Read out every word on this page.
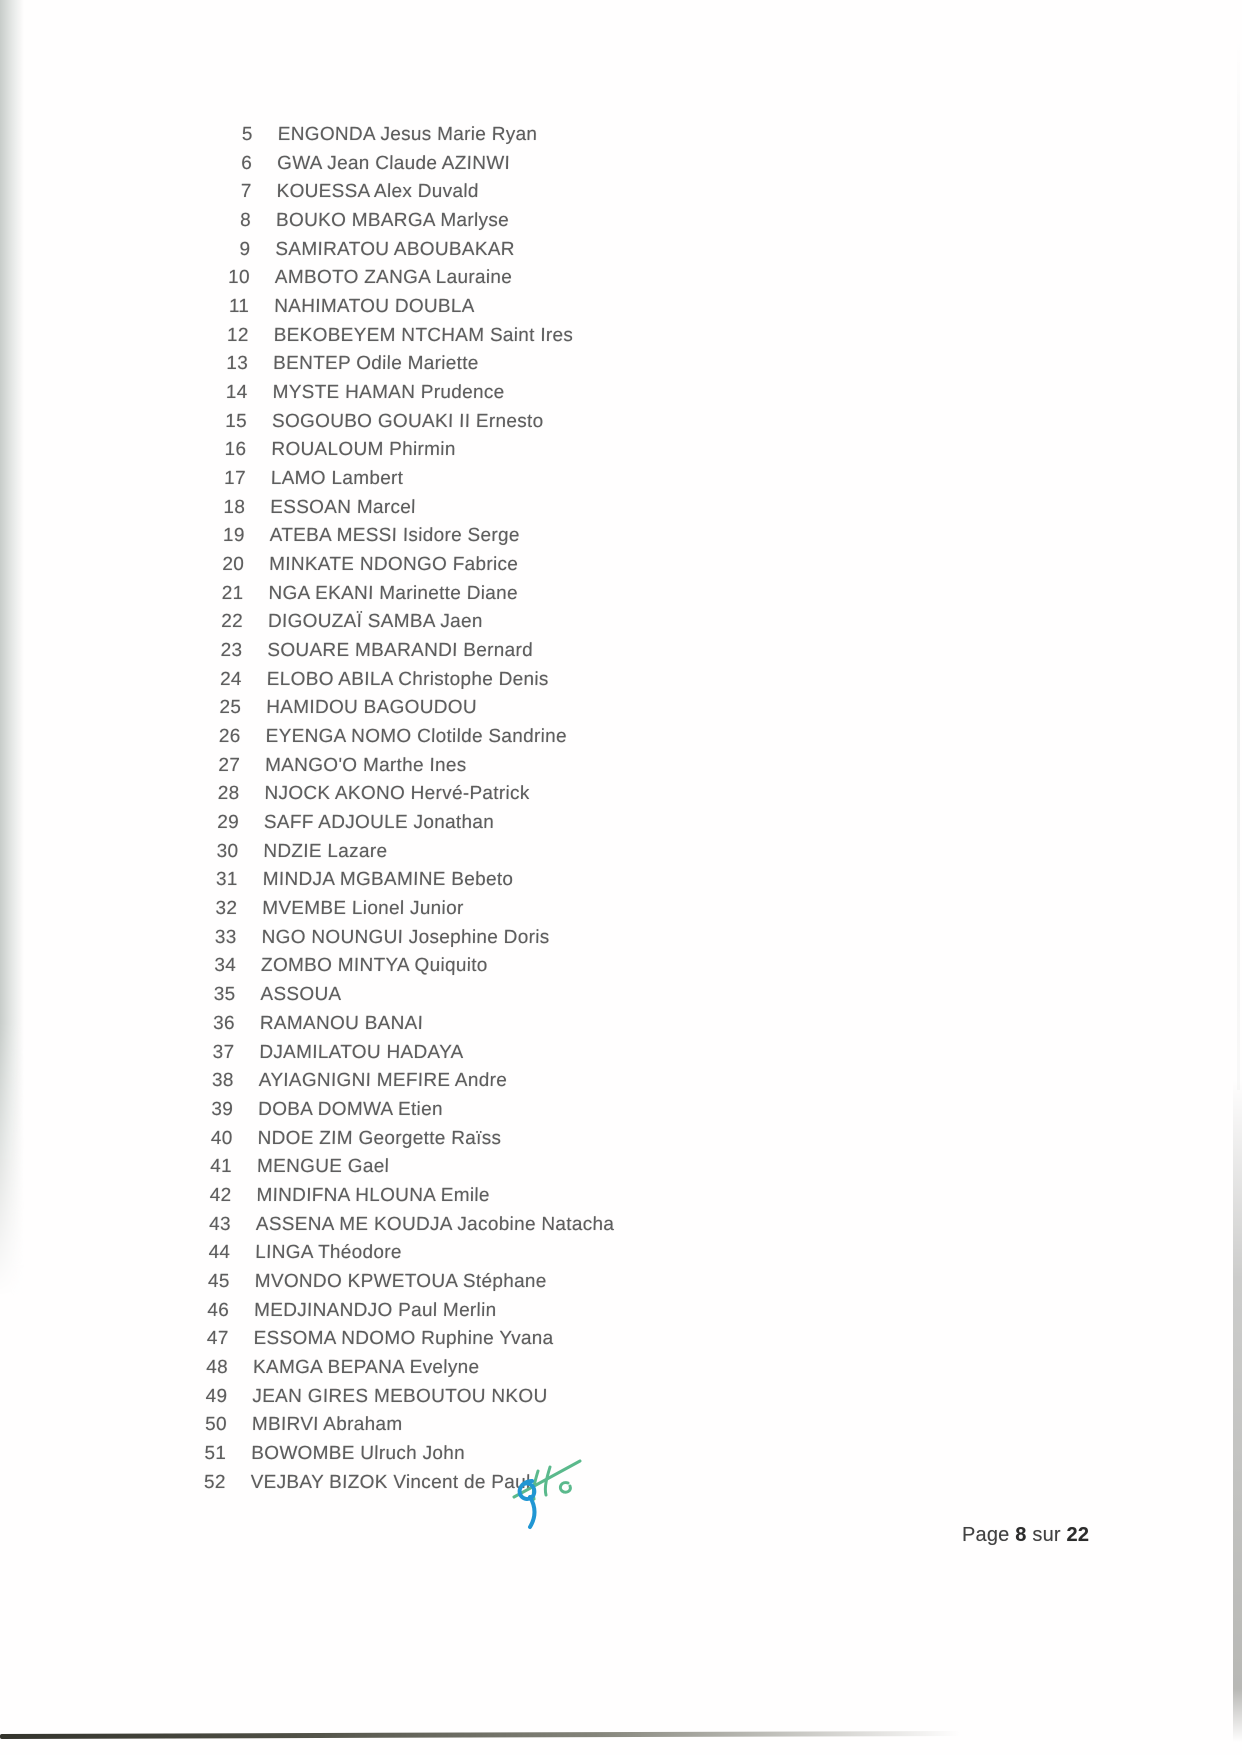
5 ENGONDA Jesus Marie Ryan
6 GWA Jean Claude AZINWI
7 KOUESSA Alex Duvald
8 BOUKO MBARGA Marlyse
9 SAMIRATOU ABOUBAKAR
10 AMBOTO ZANGA Lauraine
11 NAHIMATOU DOUBLA
12 BEKOBEYEM NTCHAM Saint Ires
13 BENTEP Odile Mariette
14 MYSTE HAMAN Prudence
15 SOGOUBO GOUAKI II Ernesto
16 ROUALOUM Phirmin
17 LAMO Lambert
18 ESSOAN Marcel
19 ATEBA MESSI Isidore Serge
20 MINKATE NDONGO Fabrice
21 NGA EKANI Marinette Diane
22 DIGOUZAÏ SAMBA Jaen
23 SOUARE MBARANDI Bernard
24 ELOBO ABILA Christophe Denis
25 HAMIDOU BAGOUDOU
26 EYENGA NOMO Clotilde Sandrine
27 MANGO'O Marthe Ines
28 NJOCK AKONO Hervé-Patrick
29 SAFF ADJOULE Jonathan
30 NDZIE Lazare
31 MINDJA MGBAMINE Bebeto
32 MVEMBE Lionel Junior
33 NGO NOUNGUI Josephine Doris
34 ZOMBO MINTYA Quiquito
35 ASSOUA
36 RAMANOU BANAI
37 DJAMILATOU HADAYA
38 AYIAGNIGNI MEFIRE Andre
39 DOBA DOMWA Etien
40 NDOE ZIM Georgette Raïss
41 MENGUE Gael
42 MINDIFNA HLOUNA Emile
43 ASSENA ME KOUDJA Jacobine Natacha
44 LINGA Théodore
45 MVONDO KPWETOUA Stéphane
46 MEDJINANDJO Paul Merlin
47 ESSOMA NDOMO Ruphine Yvana
48 KAMGA BEPANA Evelyne
49 JEAN GIRES MEBOUTOU NKOU
50 MBIRVI Abraham
51 BOWOMBE Ulruch John
52 VEJBAY BIZOK Vincent de Paul
Page 8 sur 22
